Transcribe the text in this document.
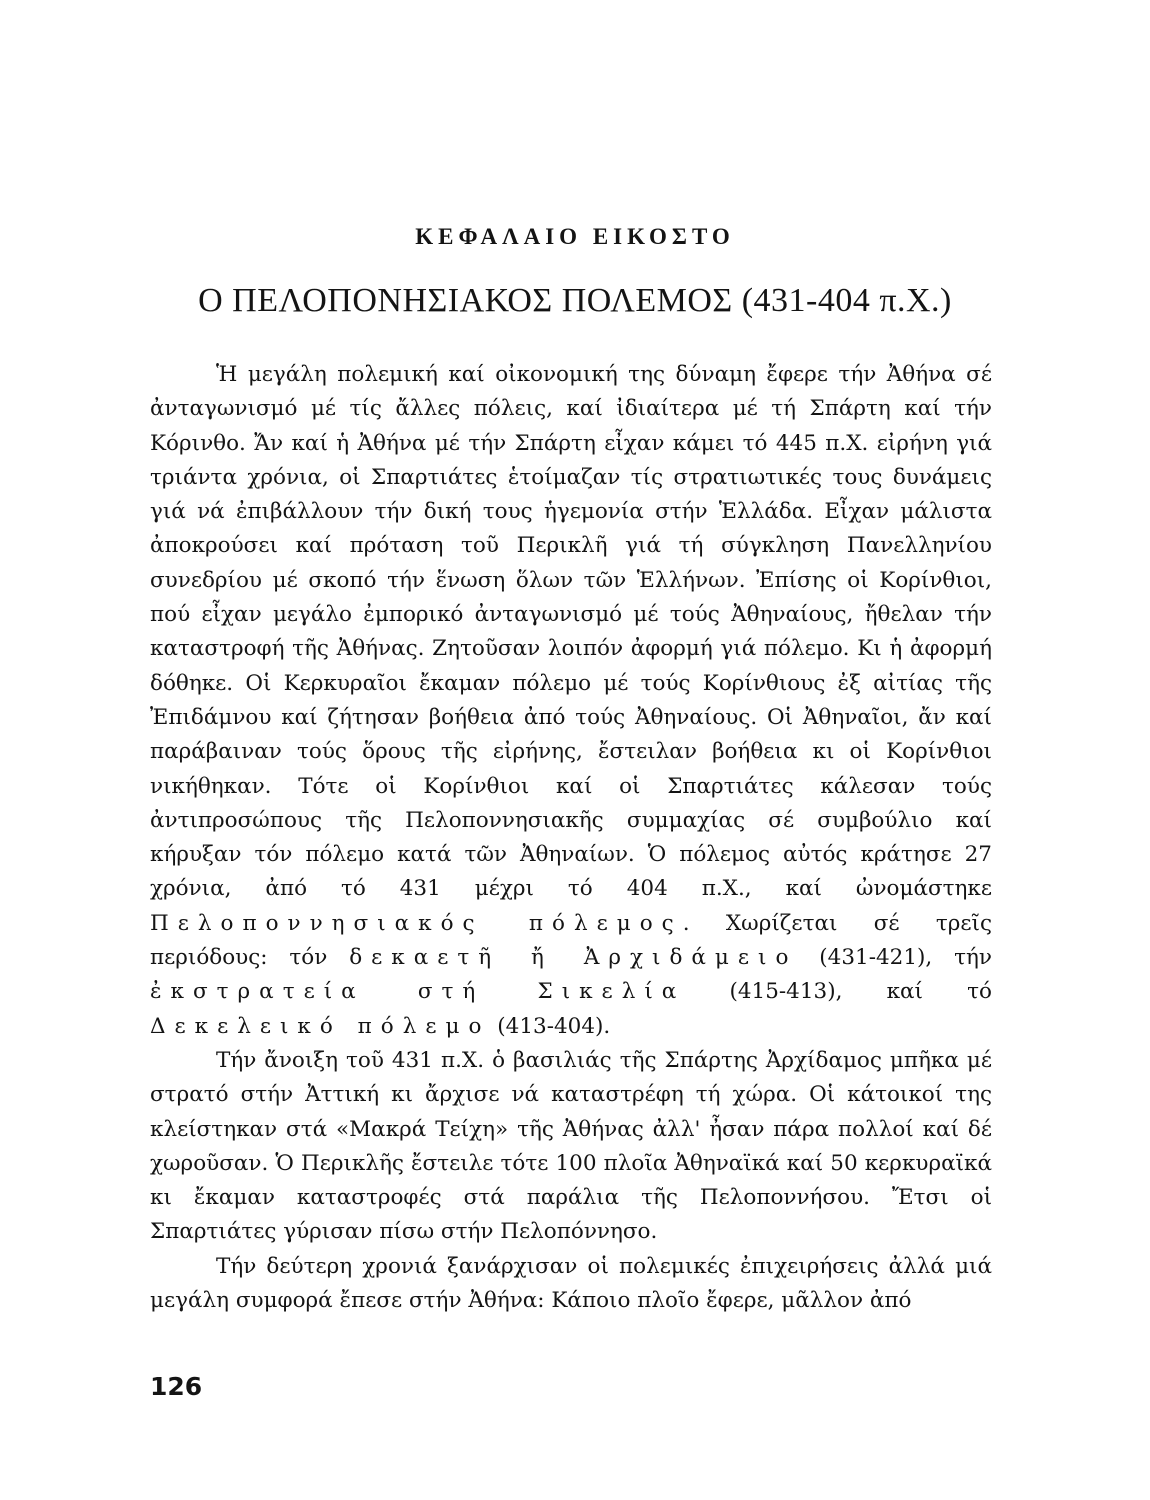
ΚΕΦΑΛΑΙΟ ΕΙΚΟΣΤΟ
Ο ΠΕΛΟΠΟΝΗΣΙΑΚΟΣ ΠΟΛΕΜΟΣ (431-404 π.Χ.)

Ἡ μεγάλη πολεμική καί οἰκονομική της δύναμη ἔφερε τήν Ἀθήνα σέ ἀνταγωνισμό μέ τίς ἄλλες πόλεις, καί ἰδιαίτερα μέ τή Σπάρτη καί τήν Κόρινθο. Ἄν καί ἡ Ἀθήνα μέ τήν Σπάρτη εἶχαν κάμει τό 445 π.Χ. εἰρήνη γιά τριάντα χρόνια, οἱ Σπαρτιάτες ἑτοίμαζαν τίς στρατιωτικές τους δυνάμεις γιά νά ἐπιβάλλουν τήν δική τους ἡγεμονία στήν Ἑλλάδα. Εἶχαν μάλιστα ἀποκρούσει καί πρόταση τοῦ Περικλῆ γιά τή σύγκληση Πανελληνίου συνεδρίου μέ σκοπό τήν ἕνωση ὅλων τῶν Ἑλλήνων. Ἐπίσης οἱ Κορίνθιοι, πού εἶχαν μεγάλο ἐμπορικό ἀνταγωνισμό μέ τούς Ἀθηναίους, ἤθελαν τήν καταστροφή τῆς Ἀθήνας. Ζητοῦσαν λοιπόν ἀφορμή γιά πόλεμο. Κι ἡ ἀφορμή δόθηκε. Οἱ Κερκυραῖοι ἔκαμαν πόλεμο μέ τούς Κορίνθιους ἐξ αἰτίας τῆς Ἐπιδάμνου καί ζήτησαν βοήθεια ἀπό τούς Ἀθηναίους. Οἱ Ἀθηναῖοι, ἄν καί παράβαιναν τούς ὅρους τῆς εἰρήνης, ἔστειλαν βοήθεια κι οἱ Κορίνθιοι νικήθηκαν. Τότε οἱ Κορίνθιοι καί οἱ Σπαρτιάτες κάλεσαν τούς ἀντιπροσώπους τῆς Πελοποννησιακῆς συμμαχίας σέ συμβούλιο καί κήρυξαν τόν πόλεμο κατά τῶν Ἀθηναίων. Ὁ πόλεμος αὐτός κράτησε 27 χρόνια, ἀπό τό 431 μέχρι τό 404 π.Χ., καί ὠνομάστηκε Πελοποννησιακός πόλεμος. Χωρίζεται σέ τρεῖς περιόδους: τόν δεκαετῆ ἤ Ἀρχιδάμειο (431-421), τήν ἐκστρατεία στή Σικελία (415-413), καί τό Δεκελεικό πόλεμο (413-404).

Τήν ἄνοιξη τοῦ 431 π.Χ. ὁ βασιλιάς τῆς Σπάρτης Ἀρχίδαμος μπῆκα μέ στρατό στήν Ἀττική κι ἄρχισε νά καταστρέφη τή χώρα. Οἱ κάτοικοί της κλείστηκαν στά «Μακρά Τείχη» τῆς Ἀθήνας ἀλλ' ἦσαν πάρα πολλοί καί δέ χωροῦσαν. Ὁ Περικλῆς ἔστειλε τότε 100 πλοῖα Ἀθηναϊκά καί 50 κερκυραϊκά κι ἔκαμαν καταστροφές στά παράλια τῆς Πελοποννήσου. Ἔτσι οἱ Σπαρτιάτες γύρισαν πίσω στήν Πελοπόννησο.

Τήν δεύτερη χρονιά ξανάρχισαν οἱ πολεμικές ἐπιχειρήσεις ἀλλά μιά μεγάλη συμφορά ἔπεσε στήν Ἀθήνα: Κάποιο πλοῖο ἔφερε, μᾶλλον ἀπό

126
